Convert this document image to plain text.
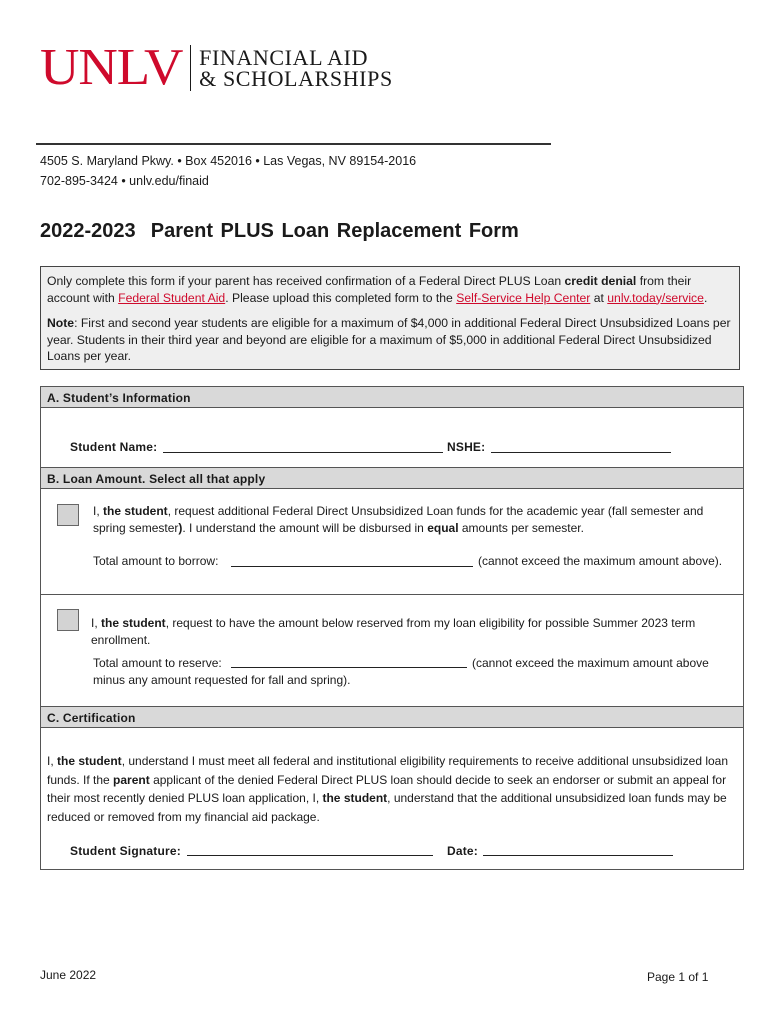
UNLV FINANCIAL AID
& SCHOLARSHIPS
4505 S. Maryland Pkwy. • Box 452016 • Las Vegas, NV 89154-2016
702-895-3424 • unlv.edu/finaid
2022-2023  Parent PLUS Loan Replacement Form

Only complete this form if your parent has received confirmation of a Federal Direct PLUS Loan credit denial from their account with Federal Student Aid. Please upload this completed form to the Self-Service Help Center at unlv.today/service.

Note: First and second year students are eligible for a maximum of $4,000 in additional Federal Direct Unsubsidized Loans per year. Students in their third year and beyond are eligible for a maximum of $5,000 in additional Federal Direct Unsubsidized Loans per year.

A. Student’s Information
Student Name:	NSHE:
B. Loan Amount. Select all that apply
I, the student, request additional Federal Direct Unsubsidized Loan funds for the academic year (fall semester and spring semester). I understand the amount will be disbursed in equal amounts per semester.
Total amount to borrow:	(cannot exceed the maximum amount above).
I, the student, request to have the amount below reserved from my loan eligibility for possible Summer 2023 term enrollment.
Total amount to reserve:	(cannot exceed the maximum amount above
minus any amount requested for fall and spring).
C. Certification
I, the student, understand I must meet all federal and institutional eligibility requirements to receive additional unsubsidized loan funds. If the parent applicant of the denied Federal Direct PLUS loan should decide to seek an endorser or submit an appeal for their most recently denied PLUS loan application, I, the student, understand that the additional unsubsidized loan funds may be reduced or removed from my financial aid package.
Student Signature:	Date:
June 2022	Page 1 of 1
